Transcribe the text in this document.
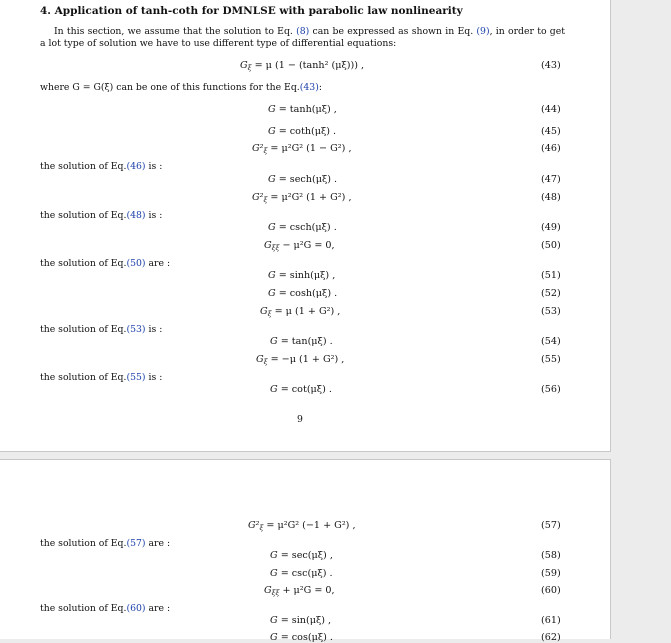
4. Application of tanh-coth for DMNLSE with parabolic law nonlinearity
In this section, we assume that the solution to Eq. (8) can be expressed as shown in Eq. (9), in order to get a lot type of solution we have to use different type of differential equations:
$G_\xi = \mu$ (1 − (tanh² (μξ))) ,	(43)
where G = G(ξ) can be one of this functions for the Eq.(43):
G = tanh(μξ) ,	(44)
G = coth(μξ) .	(45)
$G^2_\xi = \mu^2G^2$ (1 − G²) ,	(46)
the solution of Eq.(46) is :
G = sech(μξ) .	(47)
$G^2_\xi = \mu^2G^2$ (1 + G²) ,	(48)
the solution of Eq.(48) is :
G = csch(μξ) .	(49)
$G_{\xi\xi} - \mu^2G = 0$,	(50)
the solution of Eq.(50) are :
G = sinh(μξ) ,	(51)
G = cosh(μξ) .	(52)
$G_\xi = \mu$ (1 + G²) ,	(53)
the solution of Eq.(53) is :
G = tan(μξ) .	(54)
$G_\xi = -\mu$ (1 + G²) ,	(55)
the solution of Eq.(55) is :
G = cot(μξ) .	(56)
9
$G^2_\xi = \mu^2G^2$ (−1 + G²) ,	(57)
the solution of Eq.(57) are :
G = sec(μξ) ,	(58)
G = csc(μξ) .	(59)
$G_{\xi\xi} + \mu^2G = 0$,	(60)
the solution of Eq.(60) are :
G = sin(μξ) ,	(61)
G = cos(μξ) .	(62)
